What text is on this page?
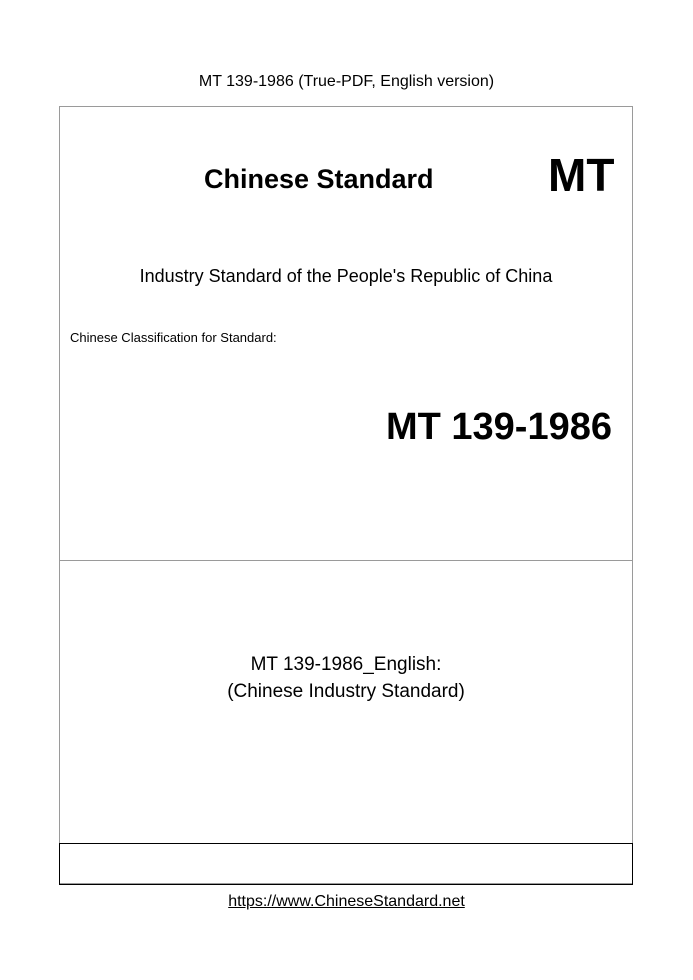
MT 139-1986 (True-PDF, English version)
Chinese Standard MT
Industry Standard of the People's Republic of China
Chinese Classification for Standard:
MT 139-1986
MT 139-1986_English:
(Chinese Industry Standard)
https://www.ChineseStandard.net
